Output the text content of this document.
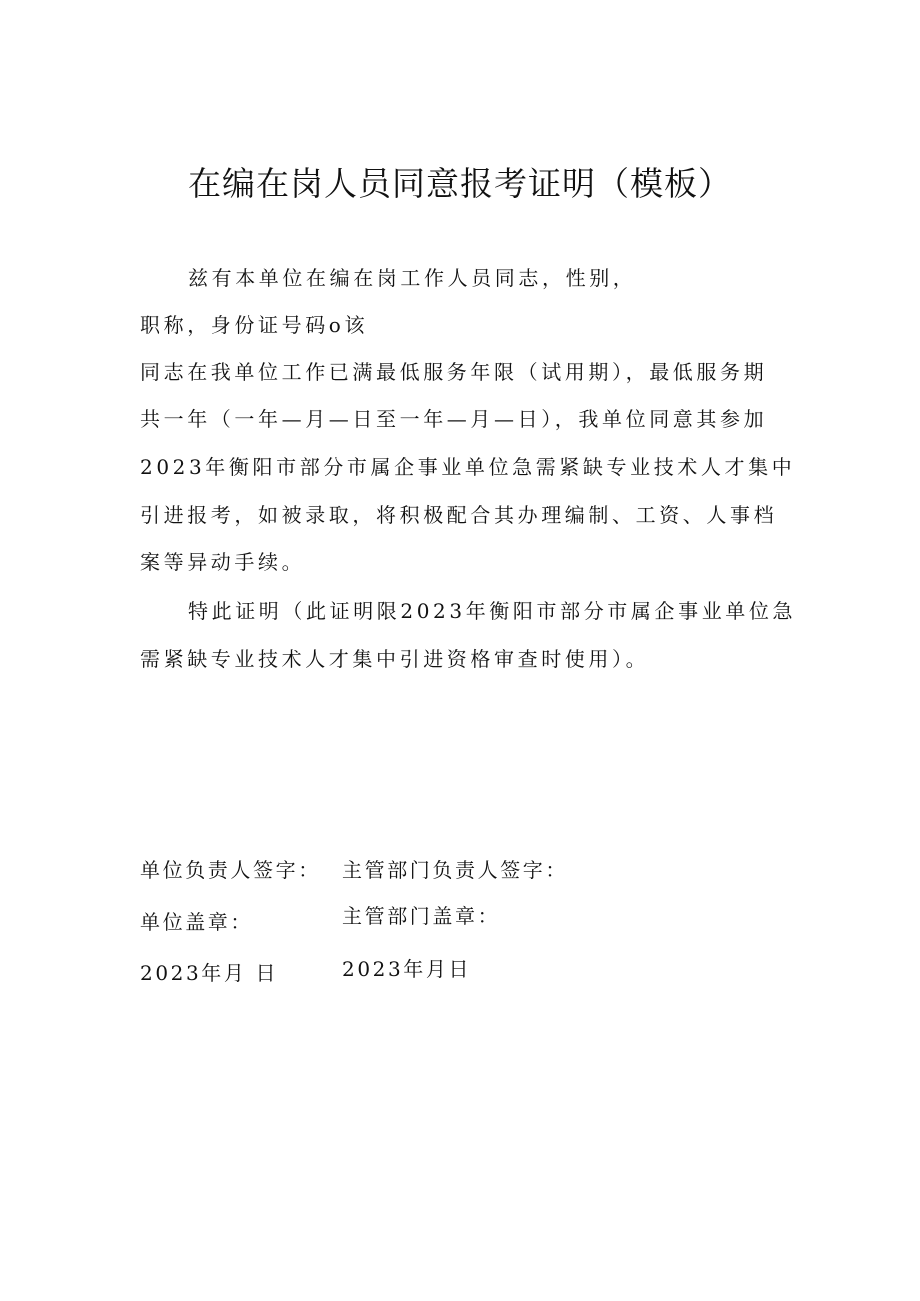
在编在岗人员同意报考证明（模板）
兹有本单位在编在岗工作人员同志，性别，
职称，身份证号码o该
同志在我单位工作已满最低服务年限（试用期），最低服务期
共一年（一年—月—日至一年—月—日），我单位同意其参加
2023年衡阳市部分市属企事业单位急需紧缺专业技术人才集中
引进报考，如被录取，将积极配合其办理编制、工资、人事档
案等异动手续。
特此证明（此证明限2023年衡阳市部分市属企事业单位急
需紧缺专业技术人才集中引进资格审查时使用）。
单位负责人签字： 主管部门负责人签字：
单位盖章：	主管部门盖章：
2023年月 日	2023年月日
